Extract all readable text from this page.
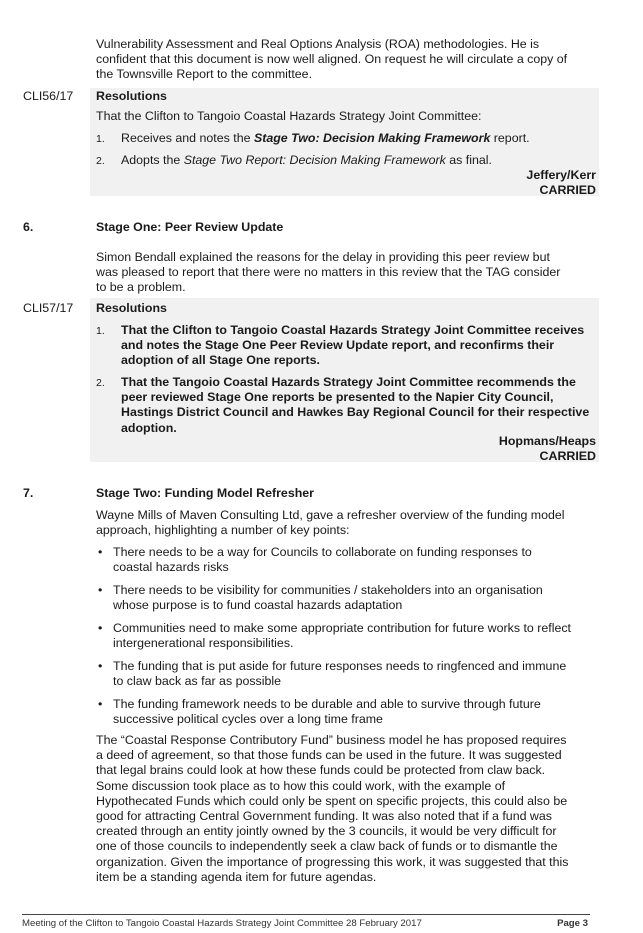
Vulnerability Assessment and Real Options Analysis (ROA) methodologies. He is
confident that this document is now well aligned. On request he will circulate a copy of
the Townsville Report to the committee.
CLI56/17 Resolutions
That the Clifton to Tangoio Coastal Hazards Strategy Joint Committee:
1. Receives and notes the Stage Two: Decision Making Framework report.
2. Adopts the Stage Two Report: Decision Making Framework as final.
Jeffery/Kerr
CARRIED
6.	Stage One: Peer Review Update
Simon Bendall explained the reasons for the delay in providing this peer review but
was pleased to report that there were no matters in this review that the TAG consider
to be a problem.
CLI57/17 Resolutions
1. That the Clifton to Tangoio Coastal Hazards Strategy Joint Committee receives
and notes the Stage One Peer Review Update report, and reconfirms their
adoption of all Stage One reports.
2. That the Tangoio Coastal Hazards Strategy Joint Committee recommends the
peer reviewed Stage One reports be presented to the Napier City Council,
Hastings District Council and Hawkes Bay Regional Council for their respective
adoption.
Hopmans/Heaps
CARRIED
7.	Stage Two: Funding Model Refresher
Wayne Mills of Maven Consulting Ltd, gave a refresher overview of the funding model
approach, highlighting a number of key points:
• There needs to be a way for Councils to collaborate on funding responses to
coastal hazards risks
• There needs to be visibility for communities / stakeholders into an organisation
whose purpose is to fund coastal hazards adaptation
• Communities need to make some appropriate contribution for future works to reflect
intergenerational responsibilities.
• The funding that is put aside for future responses needs to ringfenced and immune
to claw back as far as possible
• The funding framework needs to be durable and able to survive through future
successive political cycles over a long time frame
The “Coastal Response Contributory Fund” business model he has proposed requires
a deed of agreement, so that those funds can be used in the future. It was suggested
that legal brains could look at how these funds could be protected from claw back.
Some discussion took place as to how this could work, with the example of
Hypothecated Funds which could only be spent on specific projects, this could also be
good for attracting Central Government funding. It was also noted that if a fund was
created through an entity jointly owned by the 3 councils, it would be very difficult for
one of those councils to independently seek a claw back of funds or to dismantle the
organization. Given the importance of progressing this work, it was suggested that this
item be a standing agenda item for future agendas.
Meeting of the Clifton to Tangoio Coastal Hazards Strategy Joint Committee 28 February 2017	Page 3
